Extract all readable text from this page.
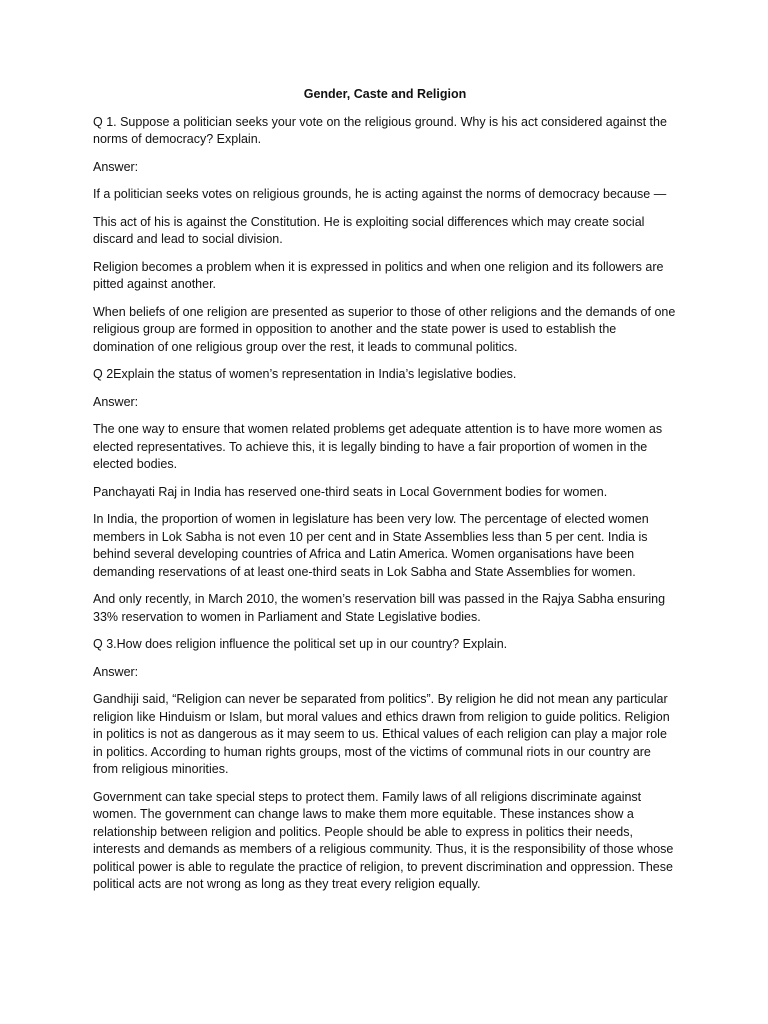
Gender, Caste and Religion

Q 1. Suppose a politician seeks your vote on the religious ground. Why is his act considered against the norms of democracy? Explain.

Answer:

If a politician seeks votes on religious grounds, he is acting against the norms of democracy because —

This act of his is against the Constitution. He is exploiting social differences which may create social discard and lead to social division.

Religion becomes a problem when it is expressed in politics and when one religion and its followers are pitted against another.

When beliefs of one religion are presented as superior to those of other religions and the demands of one religious group are formed in opposition to another and the state power is used to establish the domination of one religious group over the rest, it leads to communal politics.

Q 2Explain the status of women’s representation in India’s legislative bodies.

Answer:

The one way to ensure that women related problems get adequate attention is to have more women as elected representatives. To achieve this, it is legally binding to have a fair proportion of women in the elected bodies.

Panchayati Raj in India has reserved one-third seats in Local Government bodies for women.

In India, the proportion of women in legislature has been very low. The percentage of elected women members in Lok Sabha is not even 10 per cent and in State Assemblies less than 5 per cent. India is behind several developing countries of Africa and Latin America. Women organisations have been demanding reservations of at least one-third seats in Lok Sabha and State Assemblies for women.

And only recently, in March 2010, the women’s reservation bill was passed in the Rajya Sabha ensuring 33% reservation to women in Parliament and State Legislative bodies.

Q 3.How does religion influence the political set up in our country? Explain.

Answer:

Gandhiji said, “Religion can never be separated from politics”. By religion he did not mean any particular religion like Hinduism or Islam, but moral values and ethics drawn from religion to guide politics. Religion in politics is not as dangerous as it may seem to us. Ethical values of each religion can play a major role in politics. According to human rights groups, most of the victims of communal riots in our country are from religious minorities.

Government can take special steps to protect them. Family laws of all religions discriminate against women. The government can change laws to make them more equitable. These instances show a relationship between religion and politics. People should be able to express in politics their needs, interests and demands as members of a religious community. Thus, it is the responsibility of those whose political power is able to regulate the practice of religion, to prevent discrimination and oppression. These political acts are not wrong as long as they treat every religion equally.
